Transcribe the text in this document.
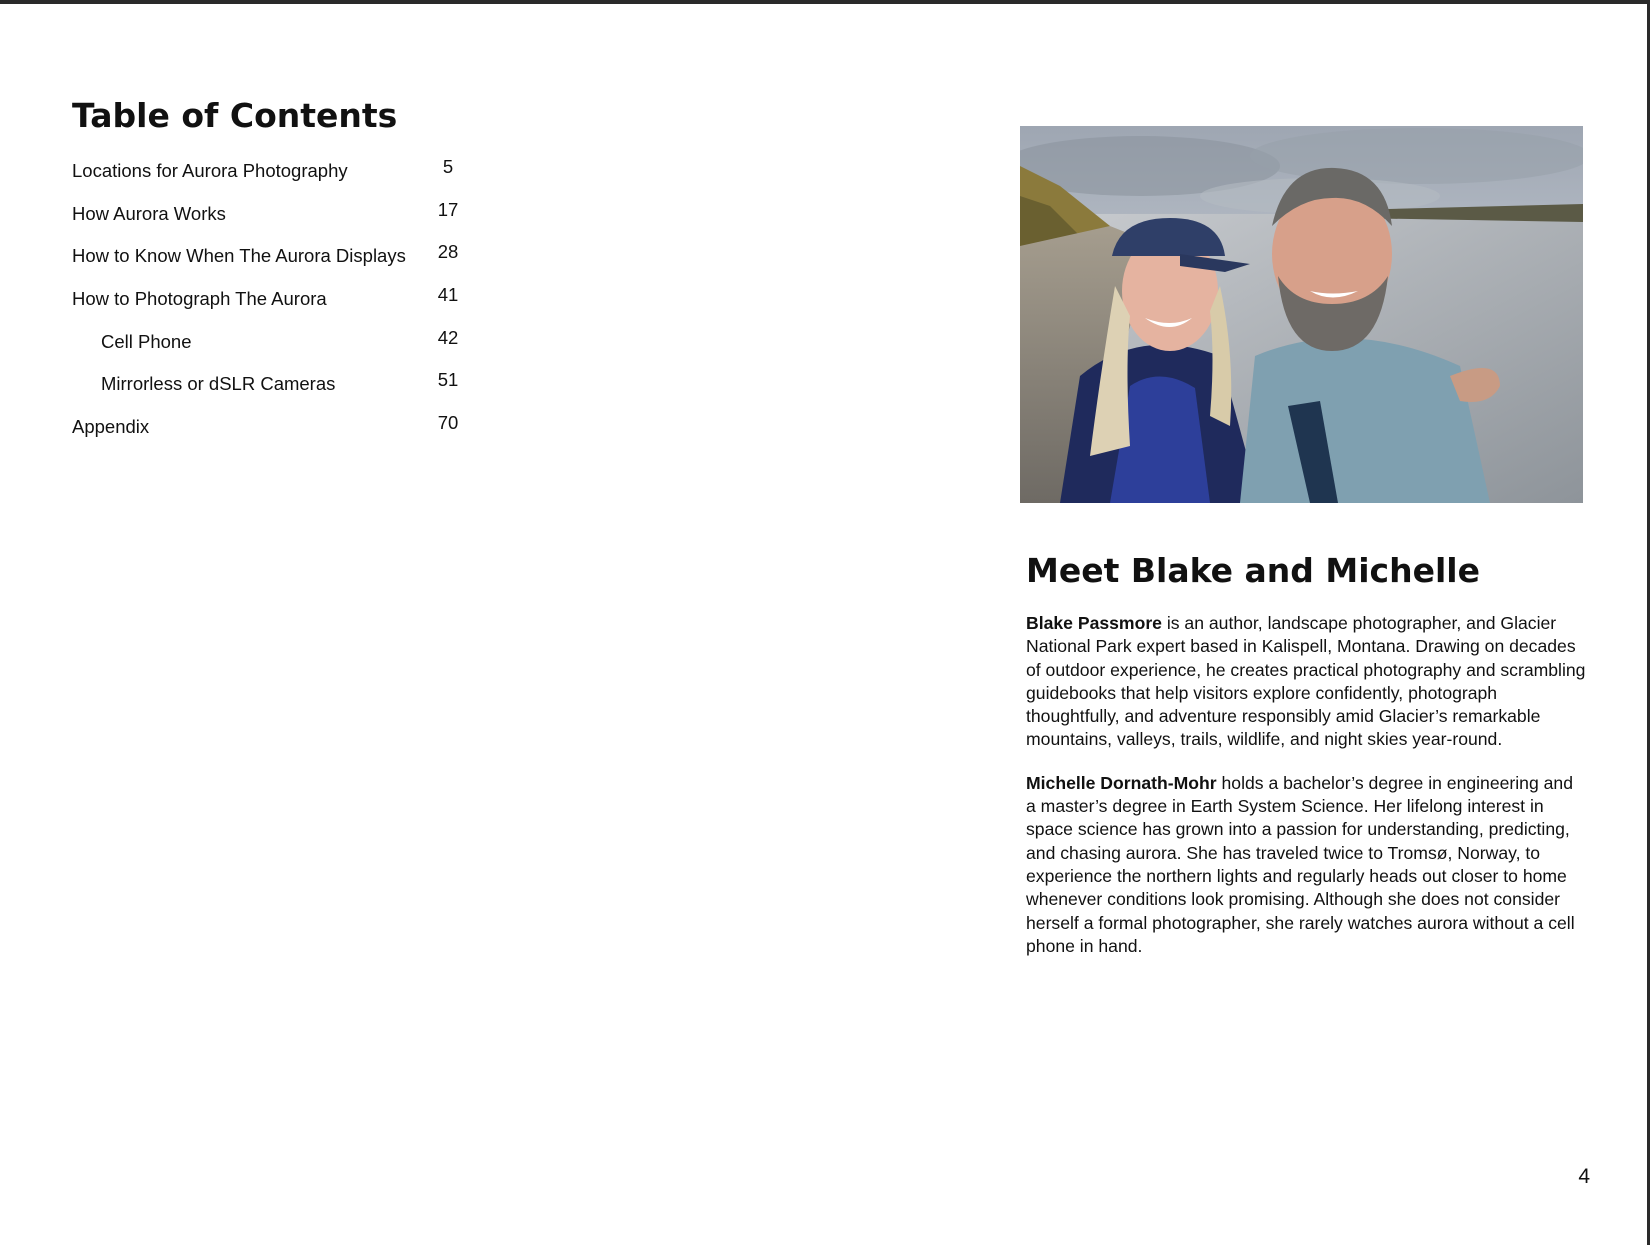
Table of Contents
Locations for Aurora Photography	5
How Aurora Works	17
How to Know When The Aurora Displays	28
How to Photograph The Aurora	41
Cell Phone	42
Mirrorless or dSLR Cameras	51
Appendix	70
Meet Blake and Michelle

Blake Passmore is an author, landscape photographer, and Glacier National Park expert based in Kalispell, Montana. Drawing on decades of outdoor experience, he creates practical photography and scrambling guidebooks that help visitors explore confidently, photograph thoughtfully, and adventure responsibly amid Glacier’s remarkable mountains, valleys, trails, wildlife, and night skies year-round.

Michelle Dornath-Mohr holds a bachelor’s degree in engineering and a master’s degree in Earth System Science. Her lifelong interest in space science has grown into a passion for understanding, predicting, and chasing aurora. She has traveled twice to Tromsø, Norway, to experience the northern lights and regularly heads out closer to home whenever conditions look promising. Although she does not consider herself a formal photographer, she rarely watches aurora without a cell phone in hand.

4
